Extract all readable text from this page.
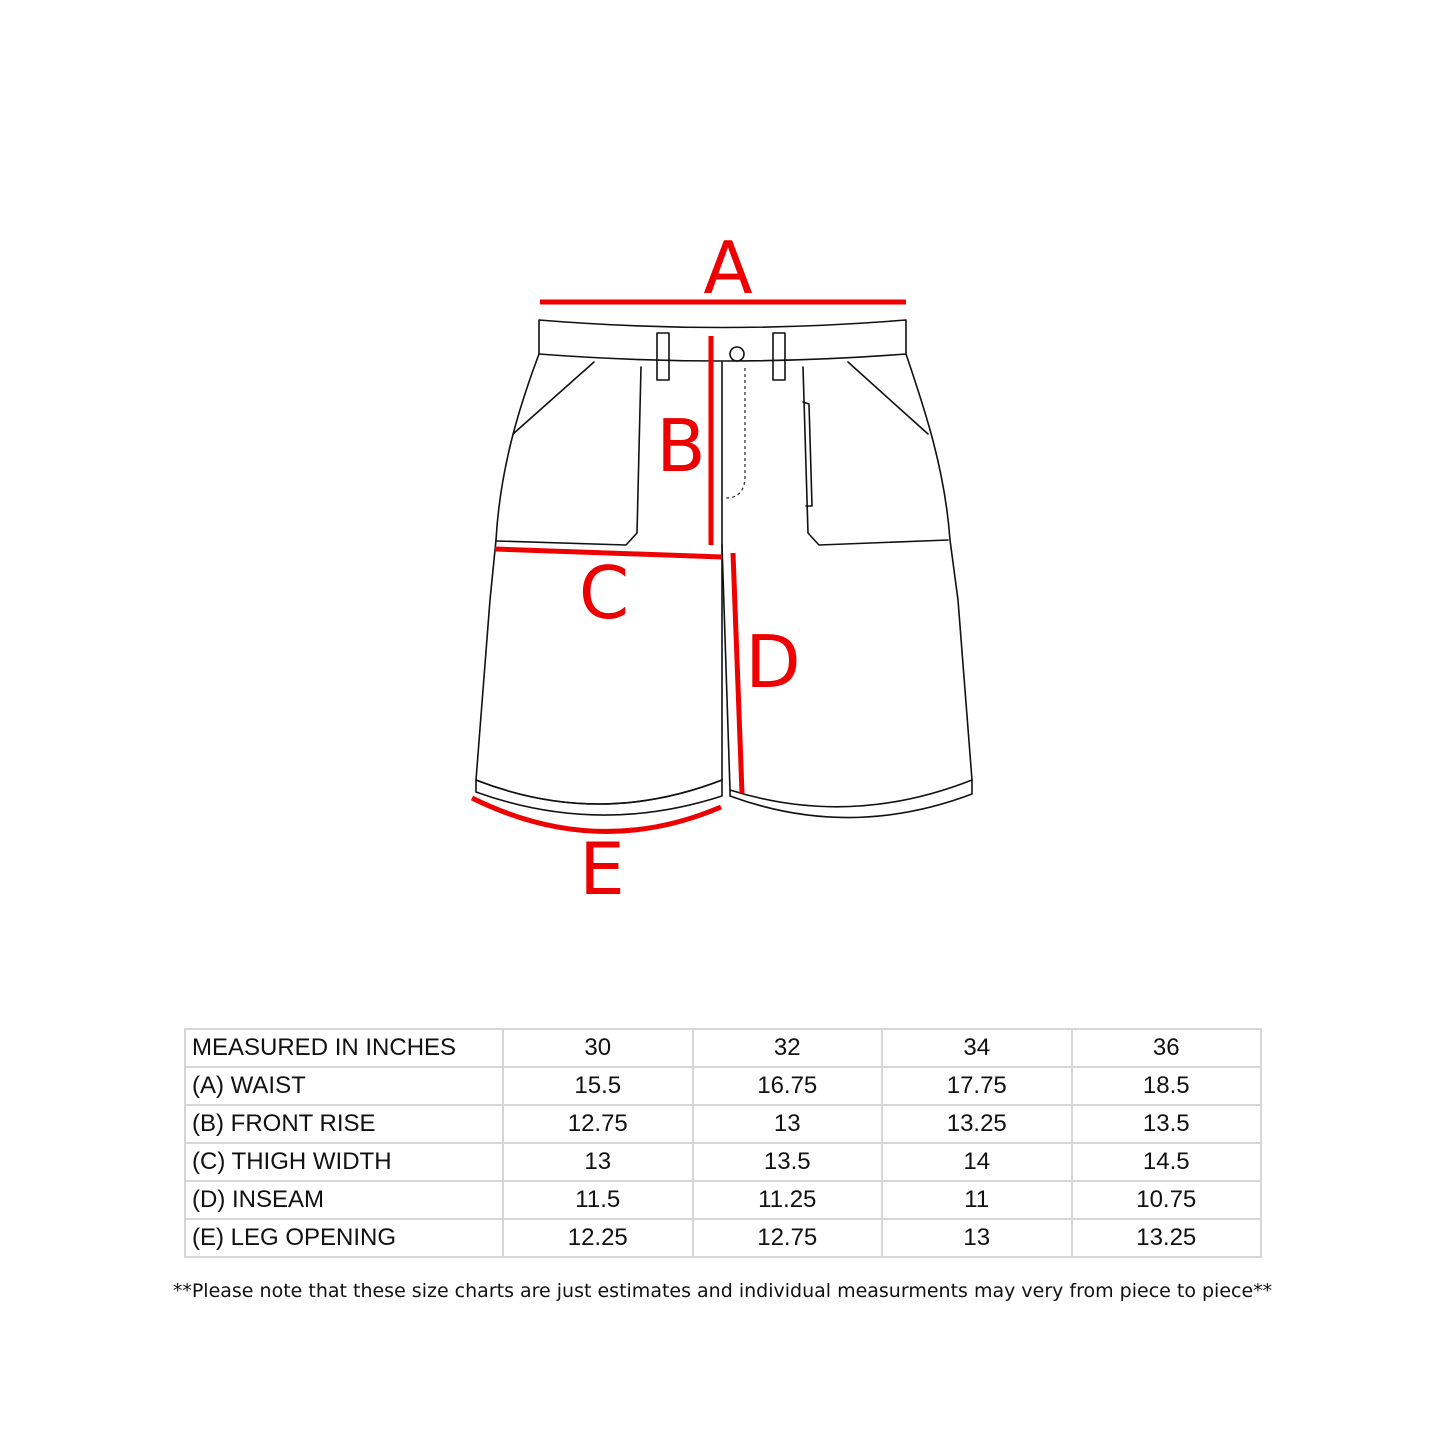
A
B
C
D
E
MEASURED IN INCHES	30	32	34	36
(A) WAIST	15.5	16.75	17.75	18.5
(B) FRONT RISE	12.75	13	13.25	13.5
(C) THIGH WIDTH	13	13.5	14	14.5
(D) INSEAM	11.5	11.25	11	10.75
(E) LEG OPENING	12.25	12.75	13	13.25
**Please note that these size charts are just estimates and individual measurments may very from piece to piece**
